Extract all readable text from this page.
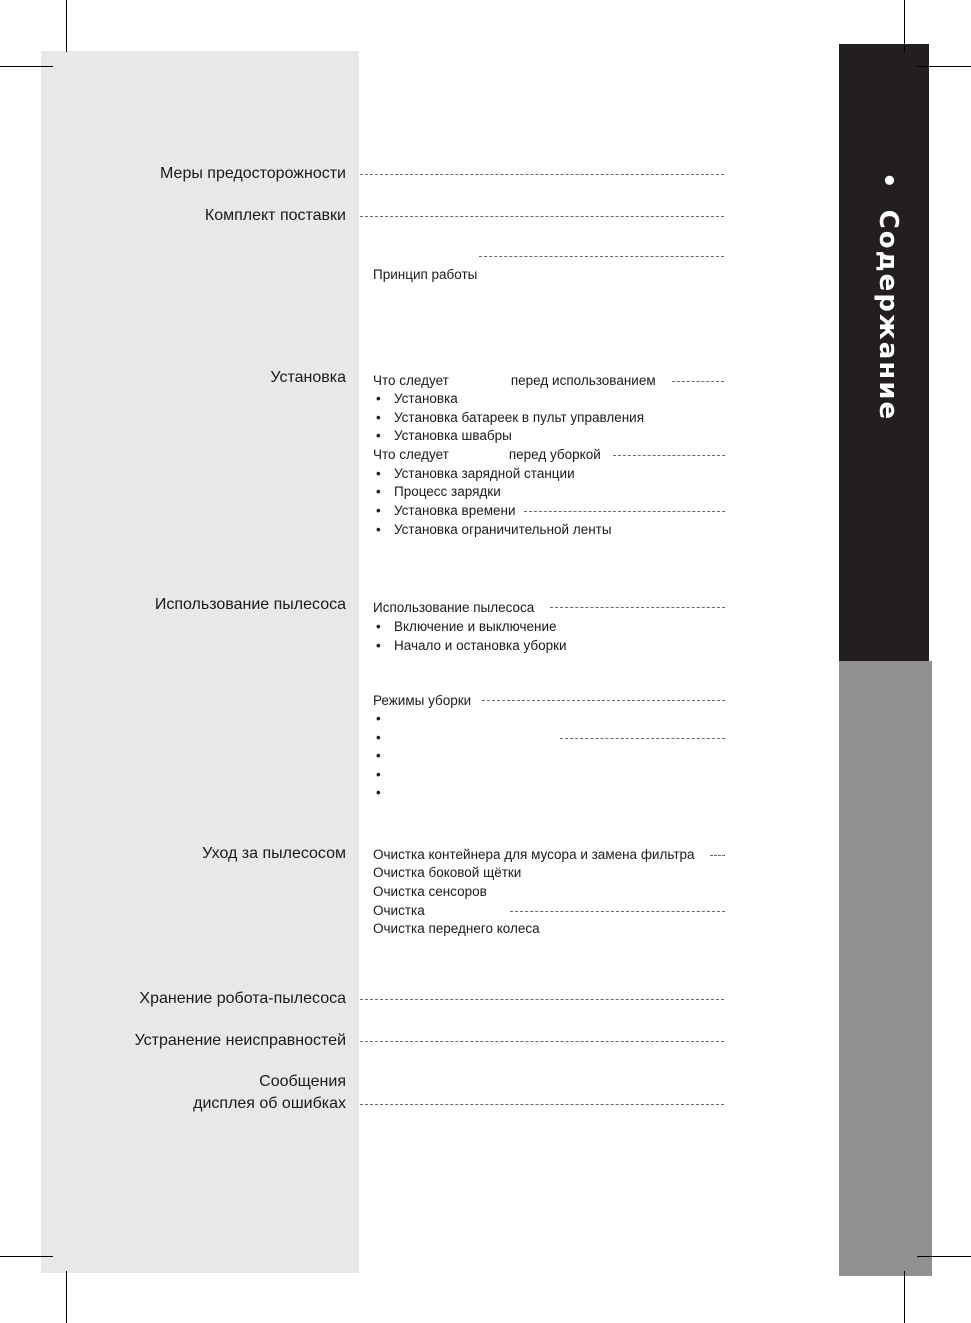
• Содержание
Меры предосторожности
Комплект поставки
Принцип работы
Установка Что следует	перед использованием
• Установка
• Установка батареек в пульт управления
• Установка швабры
Что следует	перед уборкой
• Установка зарядной станции
• Процесс зарядки
• Установка времени
• Установка ограничительной ленты
Использование пылесоса Использование пылесоса
• Включение и выключение
• Начало и остановка уборки
Режимы уборки
•
•
•
•
•
Уход за пылесосом Очистка контейнера для мусора и замена фильтра
Очистка боковой щётки
Очистка сенсоров
Очистка
Очистка переднего колеса
Хранение робота-пылесоса
Устранение неисправностей
Сообщения
дисплея об ошибках
